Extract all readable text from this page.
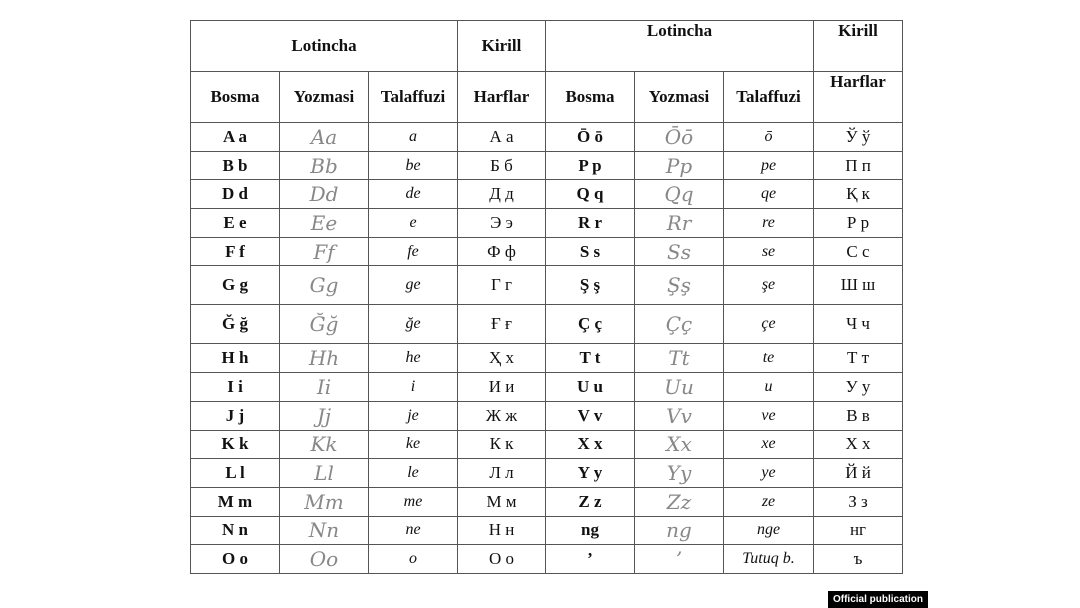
Lotincha			Kirill	Lotincha			Kirill
Bosma	Yozmasi	Talaffuzi	Harflar	Bosma	Yozmasi	Talaffuzi	Harflar
A a	Aa	a	А а	Ō ō	Ōō	ō	Ў ў
B b	Bb	be	Б б	P p	Pp	pe	П п
D d	Dd	de	Д д	Q q	Qq	qe	Қ к
E e	Ee	e	Э э	R r	Rr	re	Р р
F f	Ff	fe	Ф ф	S s	Ss	se	С с
G g	Gg	ge	Г г	Ş ş	Şş	şe	Ш ш
Ğ ğ	Ğğ	ğe	Ғ ғ	Ç ç	Çç	çe	Ч ч
H h	Hh	he	Ҳ х	T t	Tt	te	Т т
I i	Ii	i	И и	U u	Uu	u	У у
J j	Jj	je	Ж ж	V v	Vv	ve	В в
K k	Kk	ke	К к	X x	Xx	xe	Х х
L l	Ll	le	Л л	Y y	Yy	ye	Й й
M m	Mm	me	М м	Z z	Zz	ze	З з
N n	Nn	ne	Н н	ng	ng	nge	нг
O o	Oo	o	О о	’	’	Tutuq b.	ъ
Official publication
